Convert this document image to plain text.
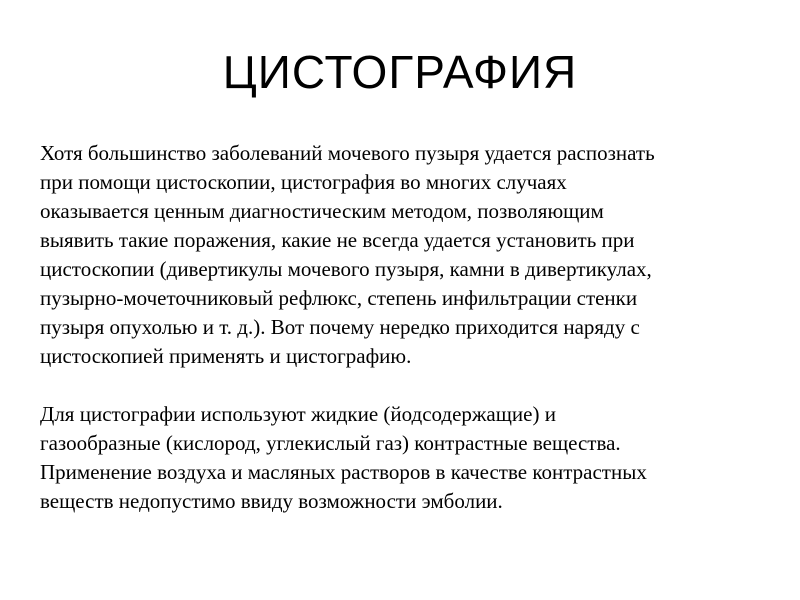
ЦИСТОГРАФИЯ
Хотя большинство заболеваний мочевого пузыря удается распознать
при помощи цистоскопии, цистография во многих случаях
оказывается ценным диагностическим методом, позволяющим
выявить такие поражения, какие не всегда удается установить при
цистоскопии (дивертикулы мочевого пузыря, камни в дивертикулах,
пузырно-мочеточниковый рефлюкс, степень инфильтрации стенки
пузыря опухолью и т. д.). Вот почему нередко приходится наряду с
цистоскопией применять и цистографию.
Для цистографии используют жидкие (йодсодержащие) и
газообразные (кислород, углекислый газ) контрастные вещества.
Применение воздуха и масляных растворов в качестве контрастных
веществ недопустимо ввиду возможности эмболии.
